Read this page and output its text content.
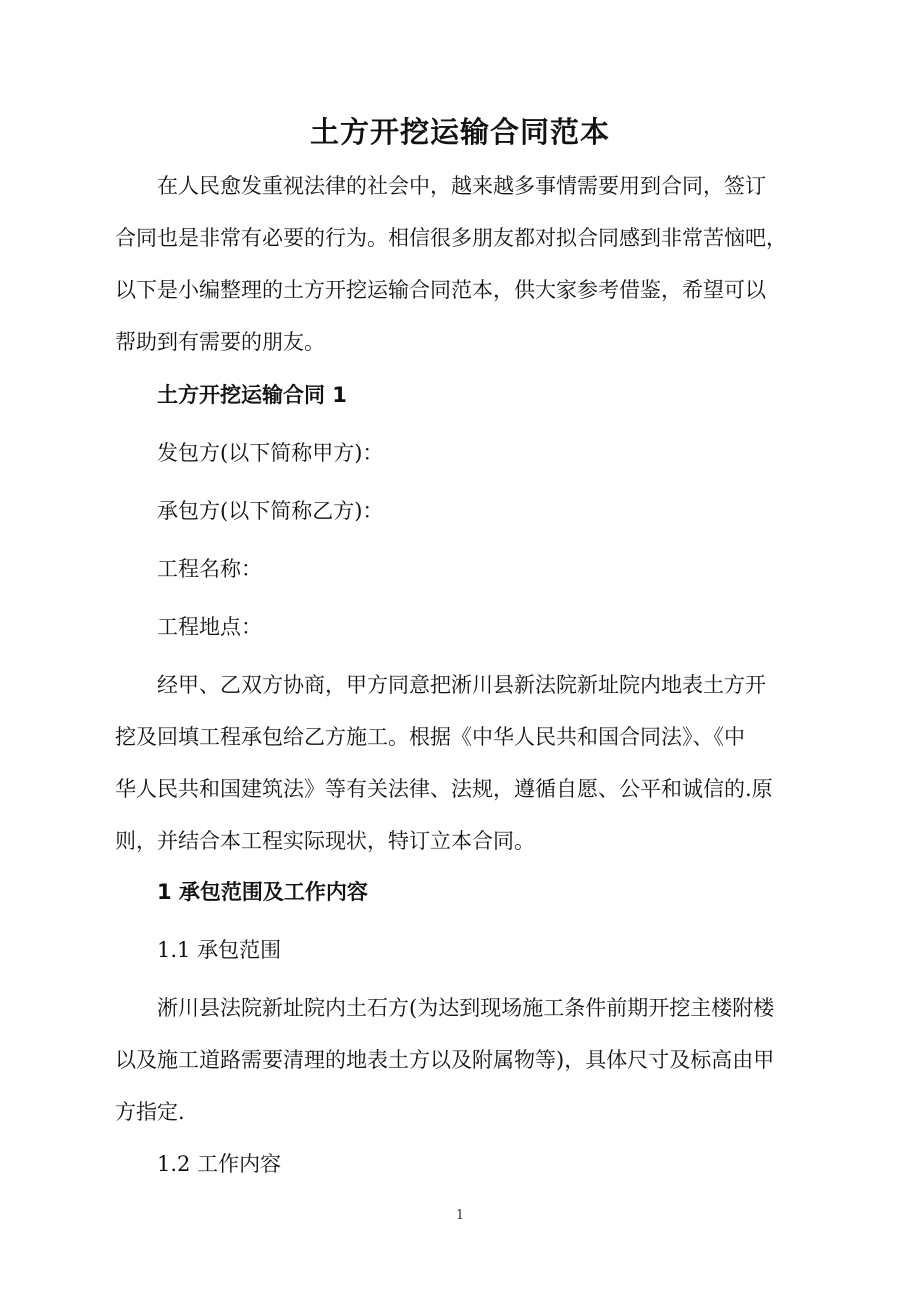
土方开挖运输合同范本
在人民愈发重视法律的社会中，越来越多事情需要用到合同，签订
合同也是非常有必要的行为。相信很多朋友都对拟合同感到非常苦恼吧，
以下是小编整理的土方开挖运输合同范本，供大家参考借鉴，希望可以
帮助到有需要的朋友。
土方开挖运输合同 1
发包方(以下简称甲方)：
承包方(以下简称乙方)：
工程名称：
工程地点：
经甲、乙双方协商，甲方同意把淅川县新法院新址院内地表土方开
挖及回填工程承包给乙方施工。根据《中华人民共和国合同法》、《中
华人民共和国建筑法》等有关法律、法规，遵循自愿、公平和诚信的.原
则，并结合本工程实际现状，特订立本合同。
1 承包范围及工作内容
1.1 承包范围
淅川县法院新址院内土石方(为达到现场施工条件前期开挖主楼附楼
以及施工道路需要清理的地表土方以及附属物等)，具体尺寸及标高由甲
方指定.
1.2 工作内容
1
